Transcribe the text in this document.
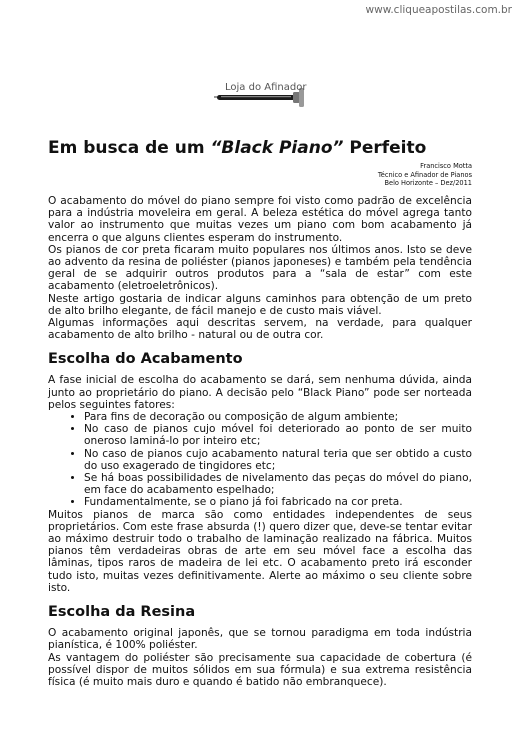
www.cliqueapostilas.com.br
Loja do Afinador
Em busca de um “Black Piano” Perfeito
Francisco Motta
Técnico e Afinador de Pianos
Belo Horizonte – Dez/2011

O acabamento do móvel do piano sempre foi visto como padrão de excelência para a indústria moveleira em geral. A beleza estética do móvel agrega tanto valor ao instrumento que muitas vezes um piano com bom acabamento já encerra o que alguns clientes esperam do instrumento.

Os pianos de cor preta ficaram muito populares nos últimos anos. Isto se deve ao advento da resina de poliéster (pianos japoneses) e também pela tendência geral de se adquirir outros produtos para a “sala de estar” com este acabamento (eletroeletrônicos).

Neste artigo gostaria de indicar alguns caminhos para obtenção de um preto de alto brilho elegante, de fácil manejo e de custo mais viável.

Algumas informações aqui descritas servem, na verdade, para qualquer acabamento de alto brilho - natural ou de outra cor.

Escolha do Acabamento

A fase inicial de escolha do acabamento se dará, sem nenhuma dúvida, ainda junto ao proprietário do piano. A decisão pelo “Black Piano” pode ser norteada pelos seguintes fatores:

• Para fins de decoração ou composição de algum ambiente;
• No caso de pianos cujo móvel foi deteriorado ao ponto de ser muito oneroso laminá-lo por inteiro etc;
• No caso de pianos cujo acabamento natural teria que ser obtido a custo do uso exagerado de tingidores etc;
• Se há boas possibilidades de nivelamento das peças do móvel do piano, em face do acabamento espelhado;
• Fundamentalmente, se o piano já foi fabricado na cor preta.

Muitos pianos de marca são como entidades independentes de seus proprietários. Com este frase absurda (!) quero dizer que, deve-se tentar evitar ao máximo destruir todo o trabalho de laminação realizado na fábrica. Muitos pianos têm verdadeiras obras de arte em seu móvel face a escolha das lâminas, tipos raros de madeira de lei etc. O acabamento preto irá esconder tudo isto, muitas vezes definitivamente. Alerte ao máximo o seu cliente sobre isto.

Escolha da Resina

O acabamento original japonês, que se tornou paradigma em toda indústria pianística, é 100% poliéster.

As vantagem do poliéster são precisamente sua capacidade de cobertura (é possível dispor de muitos sólidos em sua fórmula) e sua extrema resistência física (é muito mais duro e quando é batido não embranquece).
